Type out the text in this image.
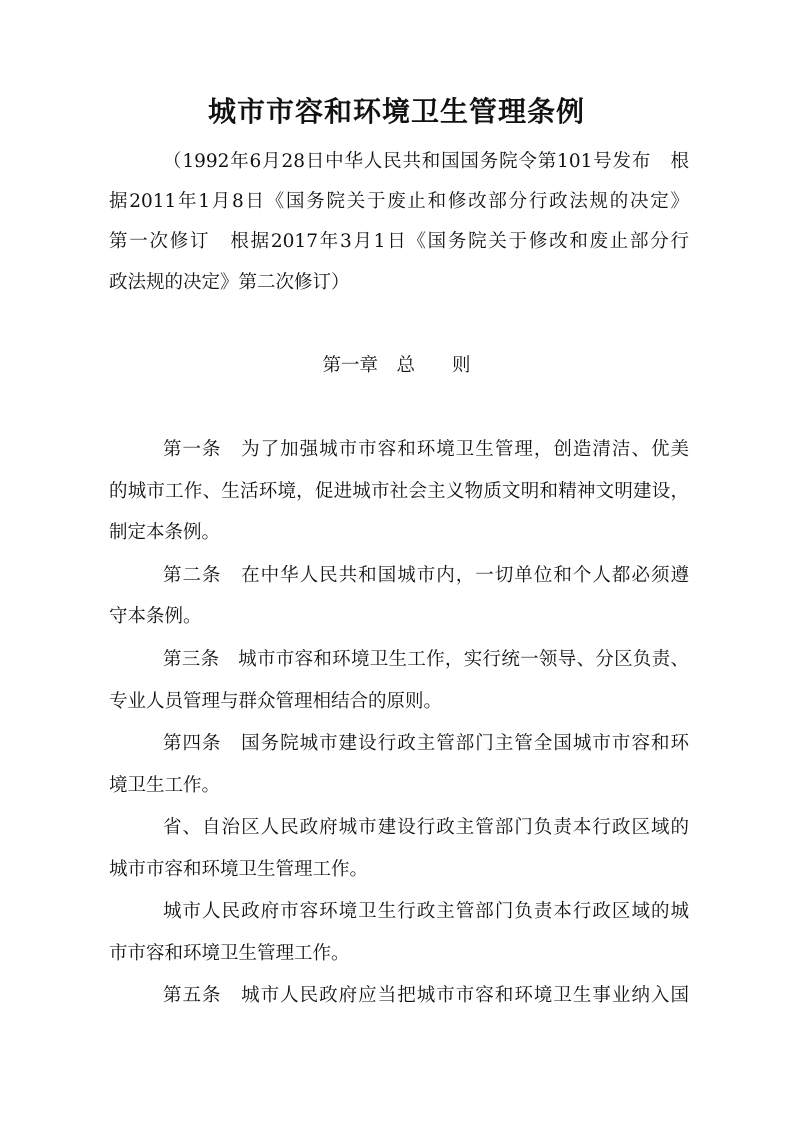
城市市容和环境卫生管理条例
（1992年6月28日中华人民共和国国务院令第101号发布　根
据2011年1月8日《国务院关于废止和修改部分行政法规的决定》
第一次修订　根据2017年3月1日《国务院关于修改和废止部分行
政法规的决定》第二次修订）
第一章　总　　则
第一条　为了加强城市市容和环境卫生管理，创造清洁、优美
的城市工作、生活环境，促进城市社会主义物质文明和精神文明建设，
制定本条例。
第二条　在中华人民共和国城市内，一切单位和个人都必须遵
守本条例。
第三条　城市市容和环境卫生工作，实行统一领导、分区负责、
专业人员管理与群众管理相结合的原则。
第四条　国务院城市建设行政主管部门主管全国城市市容和环
境卫生工作。
省、自治区人民政府城市建设行政主管部门负责本行政区域的
城市市容和环境卫生管理工作。
城市人民政府市容环境卫生行政主管部门负责本行政区域的城
市市容和环境卫生管理工作。
第五条　城市人民政府应当把城市市容和环境卫生事业纳入国
